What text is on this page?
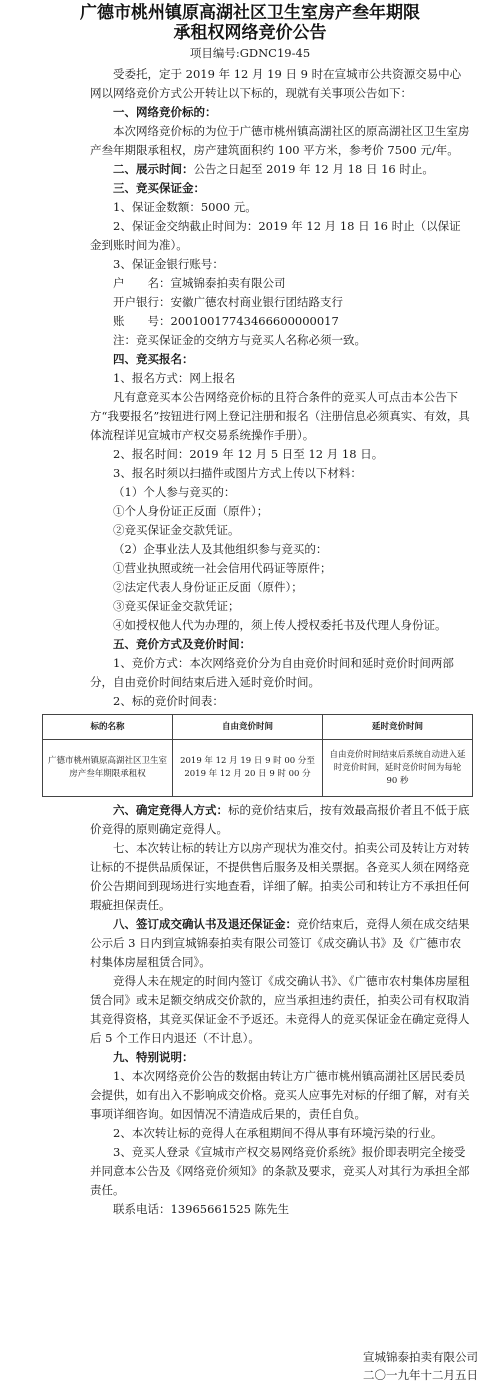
广德市桃州镇原高湖社区卫生室房产叁年期限
承租权网络竞价公告
项目编号:GDNC19-45

受委托，定于 2019 年 12 月 19 日 9 时在宣城市公共资源交易中心网以网络竞价方式公开转让以下标的，现就有关事项公告如下：

一、网络竞价标的：

本次网络竞价标的为位于广德市桃州镇高湖社区的原高湖社区卫生室房产叁年期限承租权，房产建筑面积约 100 平方米，参考价 7500 元/年。

二、展示时间：公告之日起至 2019 年 12 月 18 日 16 时止。

三、竞买保证金：

1、保证金数额：5000 元。

2、保证金交纳截止时间为：2019 年 12 月 18 日 16 时止（以保证金到账时间为准）。

3、保证金银行账号：

户　　名：宣城锦泰拍卖有限公司

开户银行：安徽广德农村商业银行团结路支行

账　　号：20010017743466600000017

注：竞买保证金的交纳方与竞买人名称必须一致。

四、竞买报名：

1、报名方式：网上报名

凡有意竞买本公告网络竞价标的且符合条件的竞买人可点击本公告下方“我要报名”按钮进行网上登记注册和报名（注册信息必须真实、有效，具体流程详见宣城市产权交易系统操作手册）。

2、报名时间：2019 年 12 月 5 日至 12 月 18 日。

3、报名时须以扫描件或图片方式上传以下材料：

（1）个人参与竞买的：

①个人身份证正反面（原件）；

②竞买保证金交款凭证。

（2）企事业法人及其他组织参与竞买的：

①营业执照或统一社会信用代码证等原件；

②法定代表人身份证正反面（原件）；

③竞买保证金交款凭证；

④如授权他人代为办理的，须上传人授权委托书及代理人身份证。

五、竞价方式及竞价时间：

1、竞价方式：本次网络竞价分为自由竞价时间和延时竞价时间两部分，自由竞价时间结束后进入延时竞价时间。

2、标的竞价时间表：

标的名称	自由竞价时间	延时竞价时间
广德市桃州镇原高湖社区卫生室房产叁年期限承租权	2019 年 12 月 19 日 9 时 00 分至 2019 年 12 月 20 日 9 时 00 分	自由竞价时间结束后系统自动进入延时竞价时间，延时竞价时间为每轮 90 秒

六、确定竞得人方式：标的竞价结束后，按有效最高报价者且不低于底价竞得的原则确定竞得人。

七、本次转让标的转让方以房产现状为准交付。拍卖公司及转让方对转让标的不提供品质保证，不提供售后服务及相关票据。各竞买人须在网络竞价公告期间到现场进行实地查看，详细了解。拍卖公司和转让方不承担任何瑕疵担保责任。

八、签订成交确认书及退还保证金：竞价结束后，竞得人须在成交结果公示后 3 日内到宣城锦泰拍卖有限公司签订《成交确认书》及《广德市农村集体房屋租赁合同》。

竞得人未在规定的时间内签订《成交确认书》、《广德市农村集体房屋租赁合同》或未足额交纳成交价款的，应当承担违约责任，拍卖公司有权取消其竞得资格，其竞买保证金不予返还。未竞得人的竞买保证金在确定竞得人后 5 个工作日内退还（不计息）。

九、特别说明：

1、本次网络竞价公告的数据由转让方广德市桃州镇高湖社区居民委员会提供，如有出入不影响成交价格。竞买人应事先对标的仔细了解，对有关事项详细咨询。如因情况不清造成后果的，责任自负。

2、本次转让标的竞得人在承租期间不得从事有环境污染的行业。

3、竞买人登录《宣城市产权交易网络竞价系统》报价即表明完全接受并同意本公告及《网络竞价须知》的条款及要求，竞买人对其行为承担全部责任。

联系电话：13965661525 陈先生

宣城锦泰拍卖有限公司
二〇一九年十二月五日
